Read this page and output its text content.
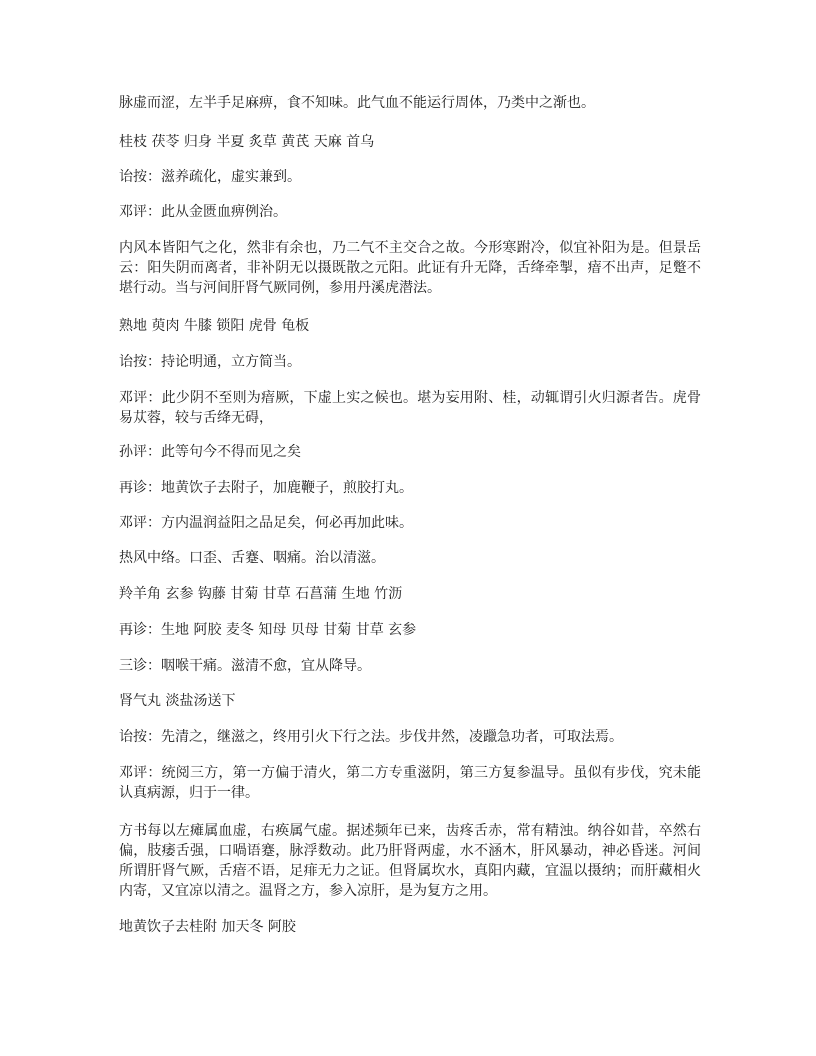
脉虚而涩，左半手足麻痹，食不知味。此气血不能运行周体，乃类中之渐也。

桂枝 茯苓 归身 半夏 炙草 黄芪 天麻 首乌

诒按：滋养疏化，虚实兼到。

邓评：此从金匮血痹例治。

内风本皆阳气之化，然非有余也，乃二气不主交合之故。今形寒跗冷，似宜补阳为是。但景岳云：阳失阴而离者，非补阴无以摄既散之元阳。此证有升无降，舌绛牵掣，瘖不出声，足蹩不堪行动。当与河间肝肾气厥同例，参用丹溪虎潜法。

熟地 萸肉 牛膝 锁阳 虎骨 龟板

诒按：持论明通，立方简当。

邓评：此少阴不至则为瘖厥，下虚上实之候也。堪为妄用附、桂，动辄谓引火归源者告。虎骨易苁蓉，较与舌绛无碍，

孙评：此等句今不得而见之矣

再诊：地黄饮子去附子，加鹿鞭子，煎胶打丸。

邓评：方内温润益阳之品足矣，何必再加此味。

热风中络。口歪、舌蹇、咽痛。治以清滋。

羚羊角 玄参 钩藤 甘菊 甘草 石菖蒲 生地 竹沥

再诊：生地 阿胶 麦冬 知母 贝母 甘菊 甘草 玄参

三诊：咽喉干痛。滋清不愈，宜从降导。

肾气丸 淡盐汤送下

诒按：先清之，继滋之，终用引火下行之法。步伐井然，凌躐急功者，可取法焉。

邓评：统阅三方，第一方偏于清火，第二方专重滋阴，第三方复参温导。虽似有步伐，究未能认真病源，归于一律。

方书每以左瘫属血虚，右痪属气虚。据述频年已来，齿疼舌赤，常有精浊。纳谷如昔，卒然右偏，肢痿舌强，口喎语蹇，脉浮数动。此乃肝肾两虚，水不涵木，肝风暴动，神必昏迷。河间所谓肝肾气厥，舌瘖不语，足痱无力之证。但肾属坎水，真阳内藏，宜温以摄纳；而肝藏相火内寄，又宜凉以清之。温肾之方，参入凉肝，是为复方之用。

地黄饮子去桂附 加天冬 阿胶
